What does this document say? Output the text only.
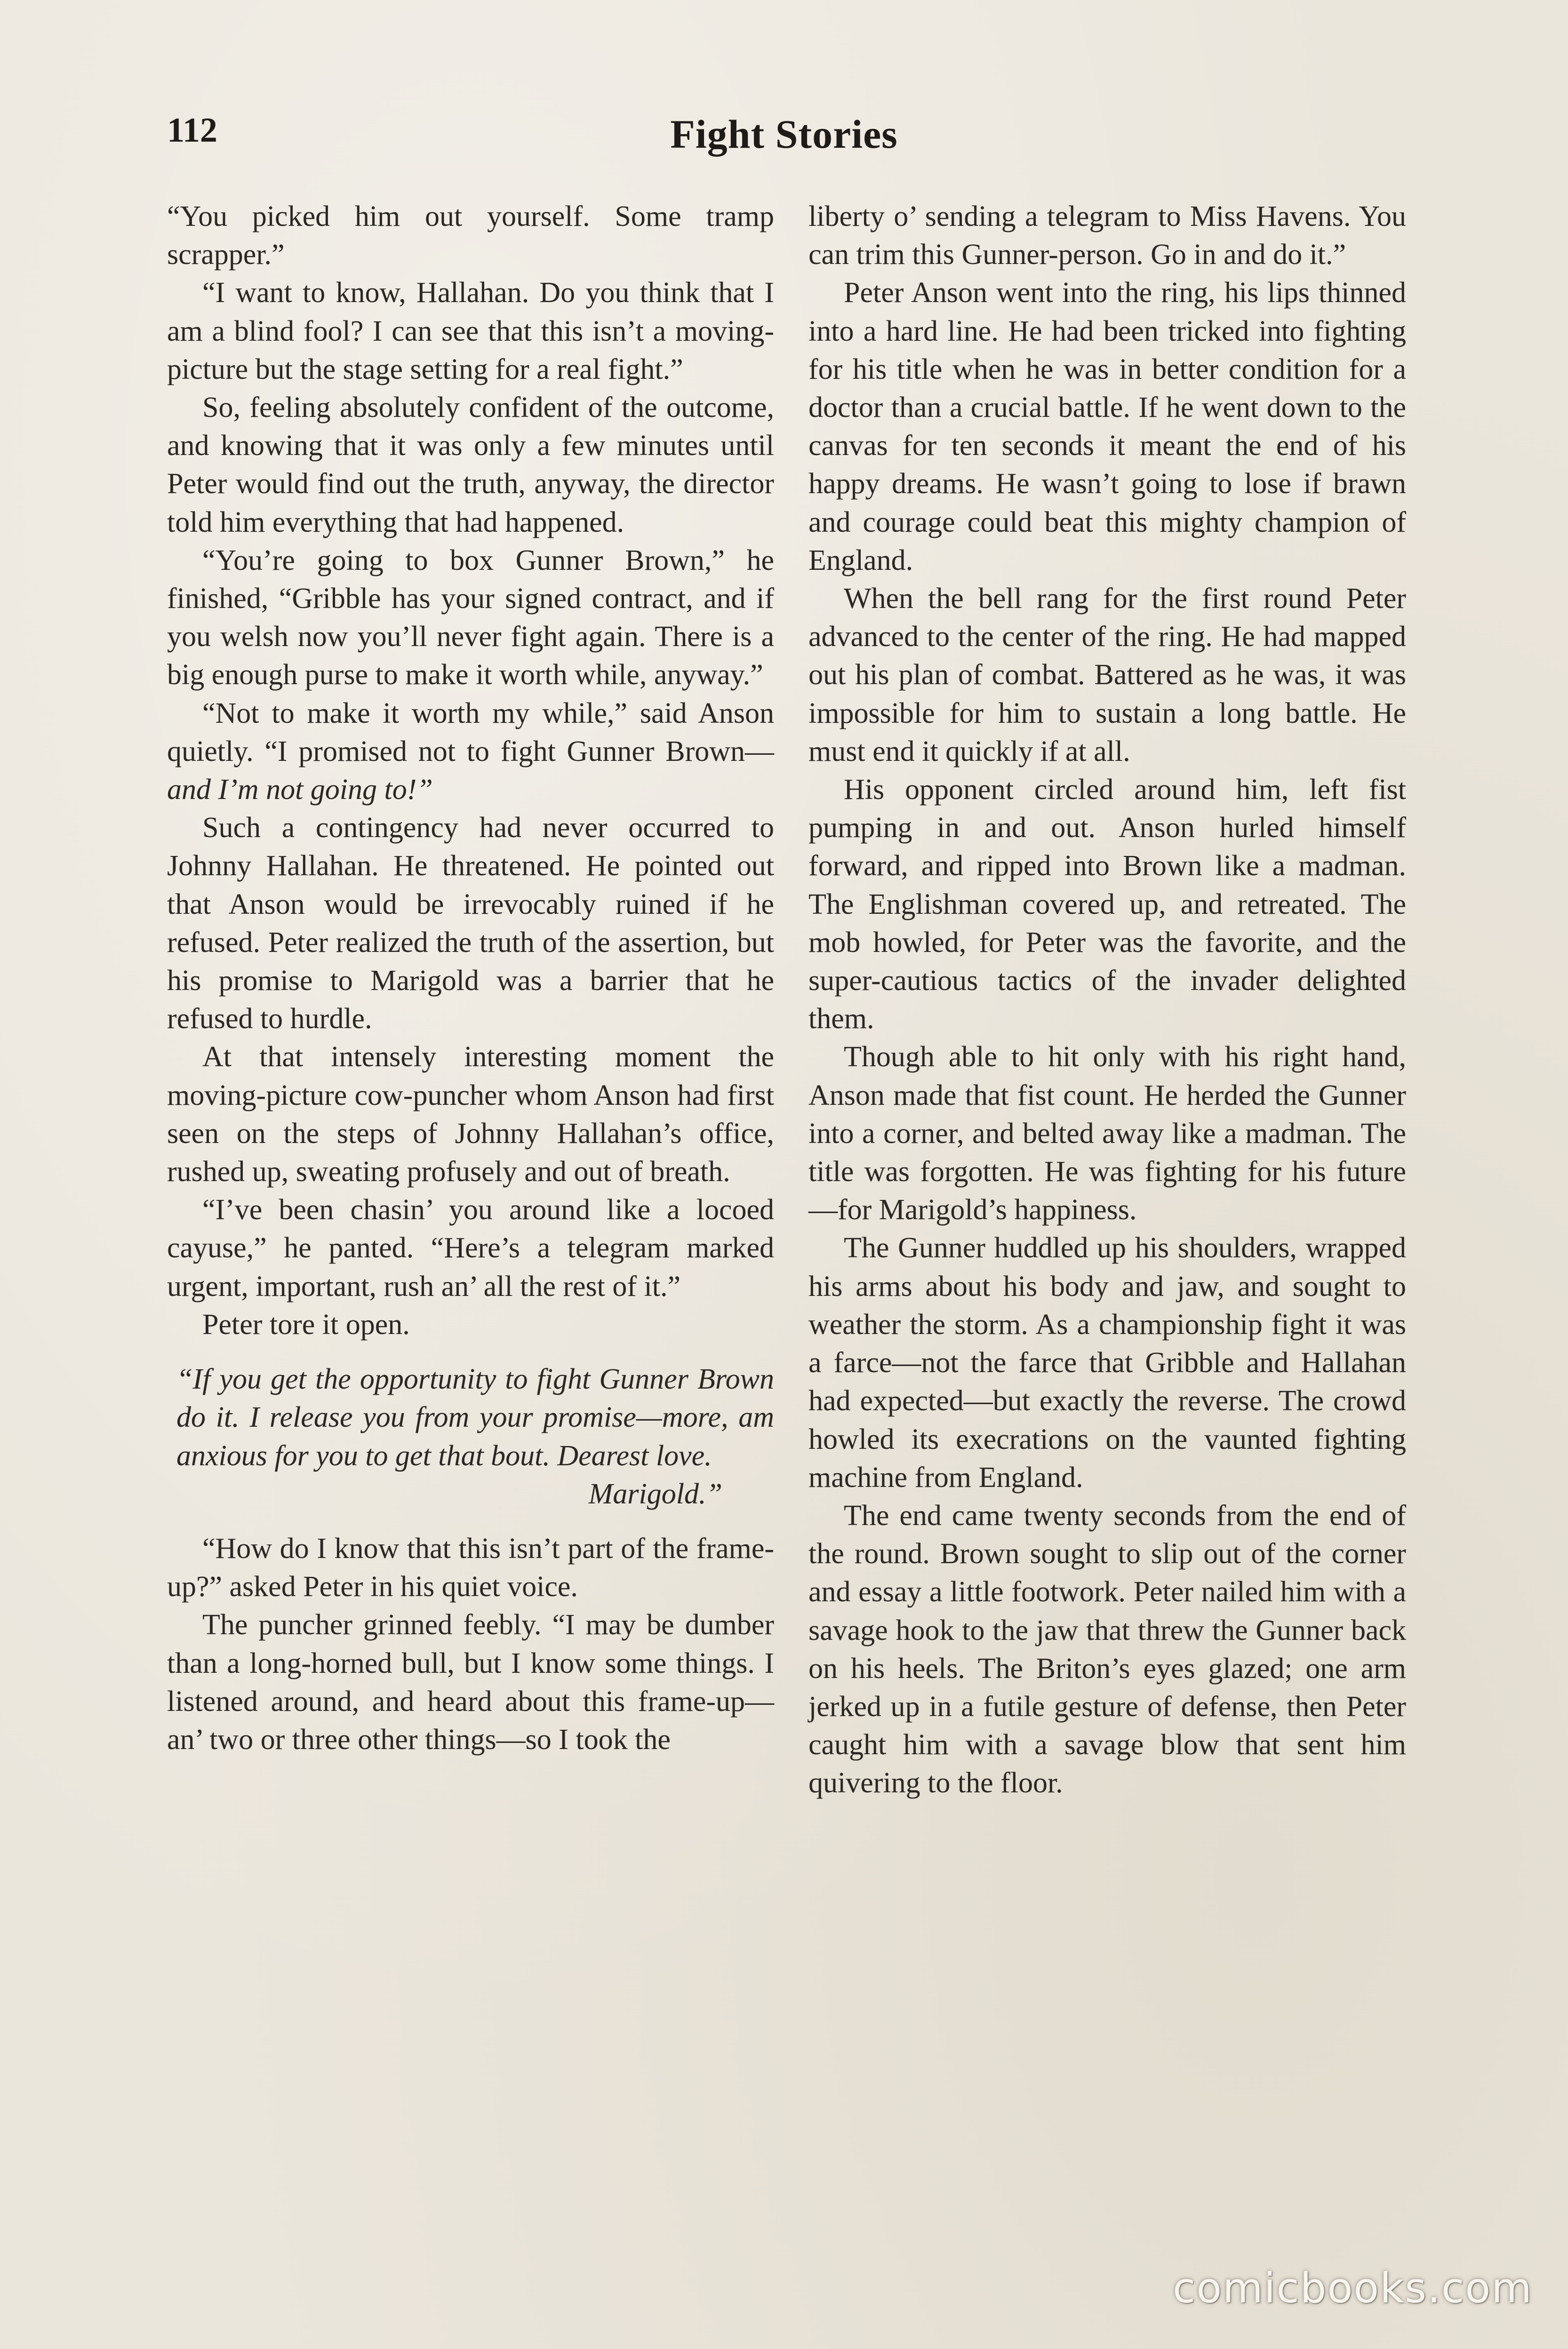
112	Fight Stories

“You picked him out yourself. Some tramp scrapper.”

“I want to know, Hallahan. Do you think that I am a blind fool? I can see that this isn’t a moving-picture but the stage setting for a real fight.”

So, feeling absolutely confident of the outcome, and knowing that it was only a few minutes until Peter would find out the truth, anyway, the director told him everything that had happened.

“You’re going to box Gunner Brown,” he finished, “Gribble has your signed contract, and if you welsh now you’ll never fight again. There is a big enough purse to make it worth while, anyway.”

“Not to make it worth my while,” said Anson quietly. “I promised not to fight Gunner Brown—and I’m not going to!”

Such a contingency had never occurred to Johnny Hallahan. He threatened. He pointed out that Anson would be irrevocably ruined if he refused. Peter realized the truth of the assertion, but his promise to Marigold was a barrier that he refused to hurdle.

At that intensely interesting moment the moving-picture cow-puncher whom Anson had first seen on the steps of Johnny Hallahan’s office, rushed up, sweating profusely and out of breath.

“I’ve been chasin’ you around like a locoed cayuse,” he panted. “Here’s a telegram marked urgent, important, rush an’ all the rest of it.”

Peter tore it open.

“If you get the opportunity to fight Gunner Brown do it. I release you from your promise—more, am anxious for you to get that bout. Dearest love.
Marigold.”

“How do I know that this isn’t part of the frame-up?” asked Peter in his quiet voice.

The puncher grinned feebly. “I may be dumber than a long-horned bull, but I know some things. I listened around, and heard about this frame-up—an’ two or three other things—so I took the

liberty o’ sending a telegram to Miss Havens. You can trim this Gunner-person. Go in and do it.”

Peter Anson went into the ring, his lips thinned into a hard line. He had been tricked into fighting for his title when he was in better condition for a doctor than a crucial battle. If he went down to the canvas for ten seconds it meant the end of his happy dreams. He wasn’t going to lose if brawn and courage could beat this mighty champion of England.

When the bell rang for the first round Peter advanced to the center of the ring. He had mapped out his plan of combat. Battered as he was, it was impossible for him to sustain a long battle. He must end it quickly if at all.

His opponent circled around him, left fist pumping in and out. Anson hurled himself forward, and ripped into Brown like a madman. The Englishman covered up, and retreated. The mob howled, for Peter was the favorite, and the super-cautious tactics of the invader delighted them.

Though able to hit only with his right hand, Anson made that fist count. He herded the Gunner into a corner, and belted away like a madman. The title was forgotten. He was fighting for his future—for Marigold’s happiness.

The Gunner huddled up his shoulders, wrapped his arms about his body and jaw, and sought to weather the storm. As a championship fight it was a farce—not the farce that Gribble and Hallahan had expected—but exactly the reverse. The crowd howled its execrations on the vaunted fighting machine from England.

The end came twenty seconds from the end of the round. Brown sought to slip out of the corner and essay a little footwork. Peter nailed him with a savage hook to the jaw that threw the Gunner back on his heels. The Briton’s eyes glazed; one arm jerked up in a futile gesture of defense, then Peter caught him with a savage blow that sent him quivering to the floor.

comicbooks.com
